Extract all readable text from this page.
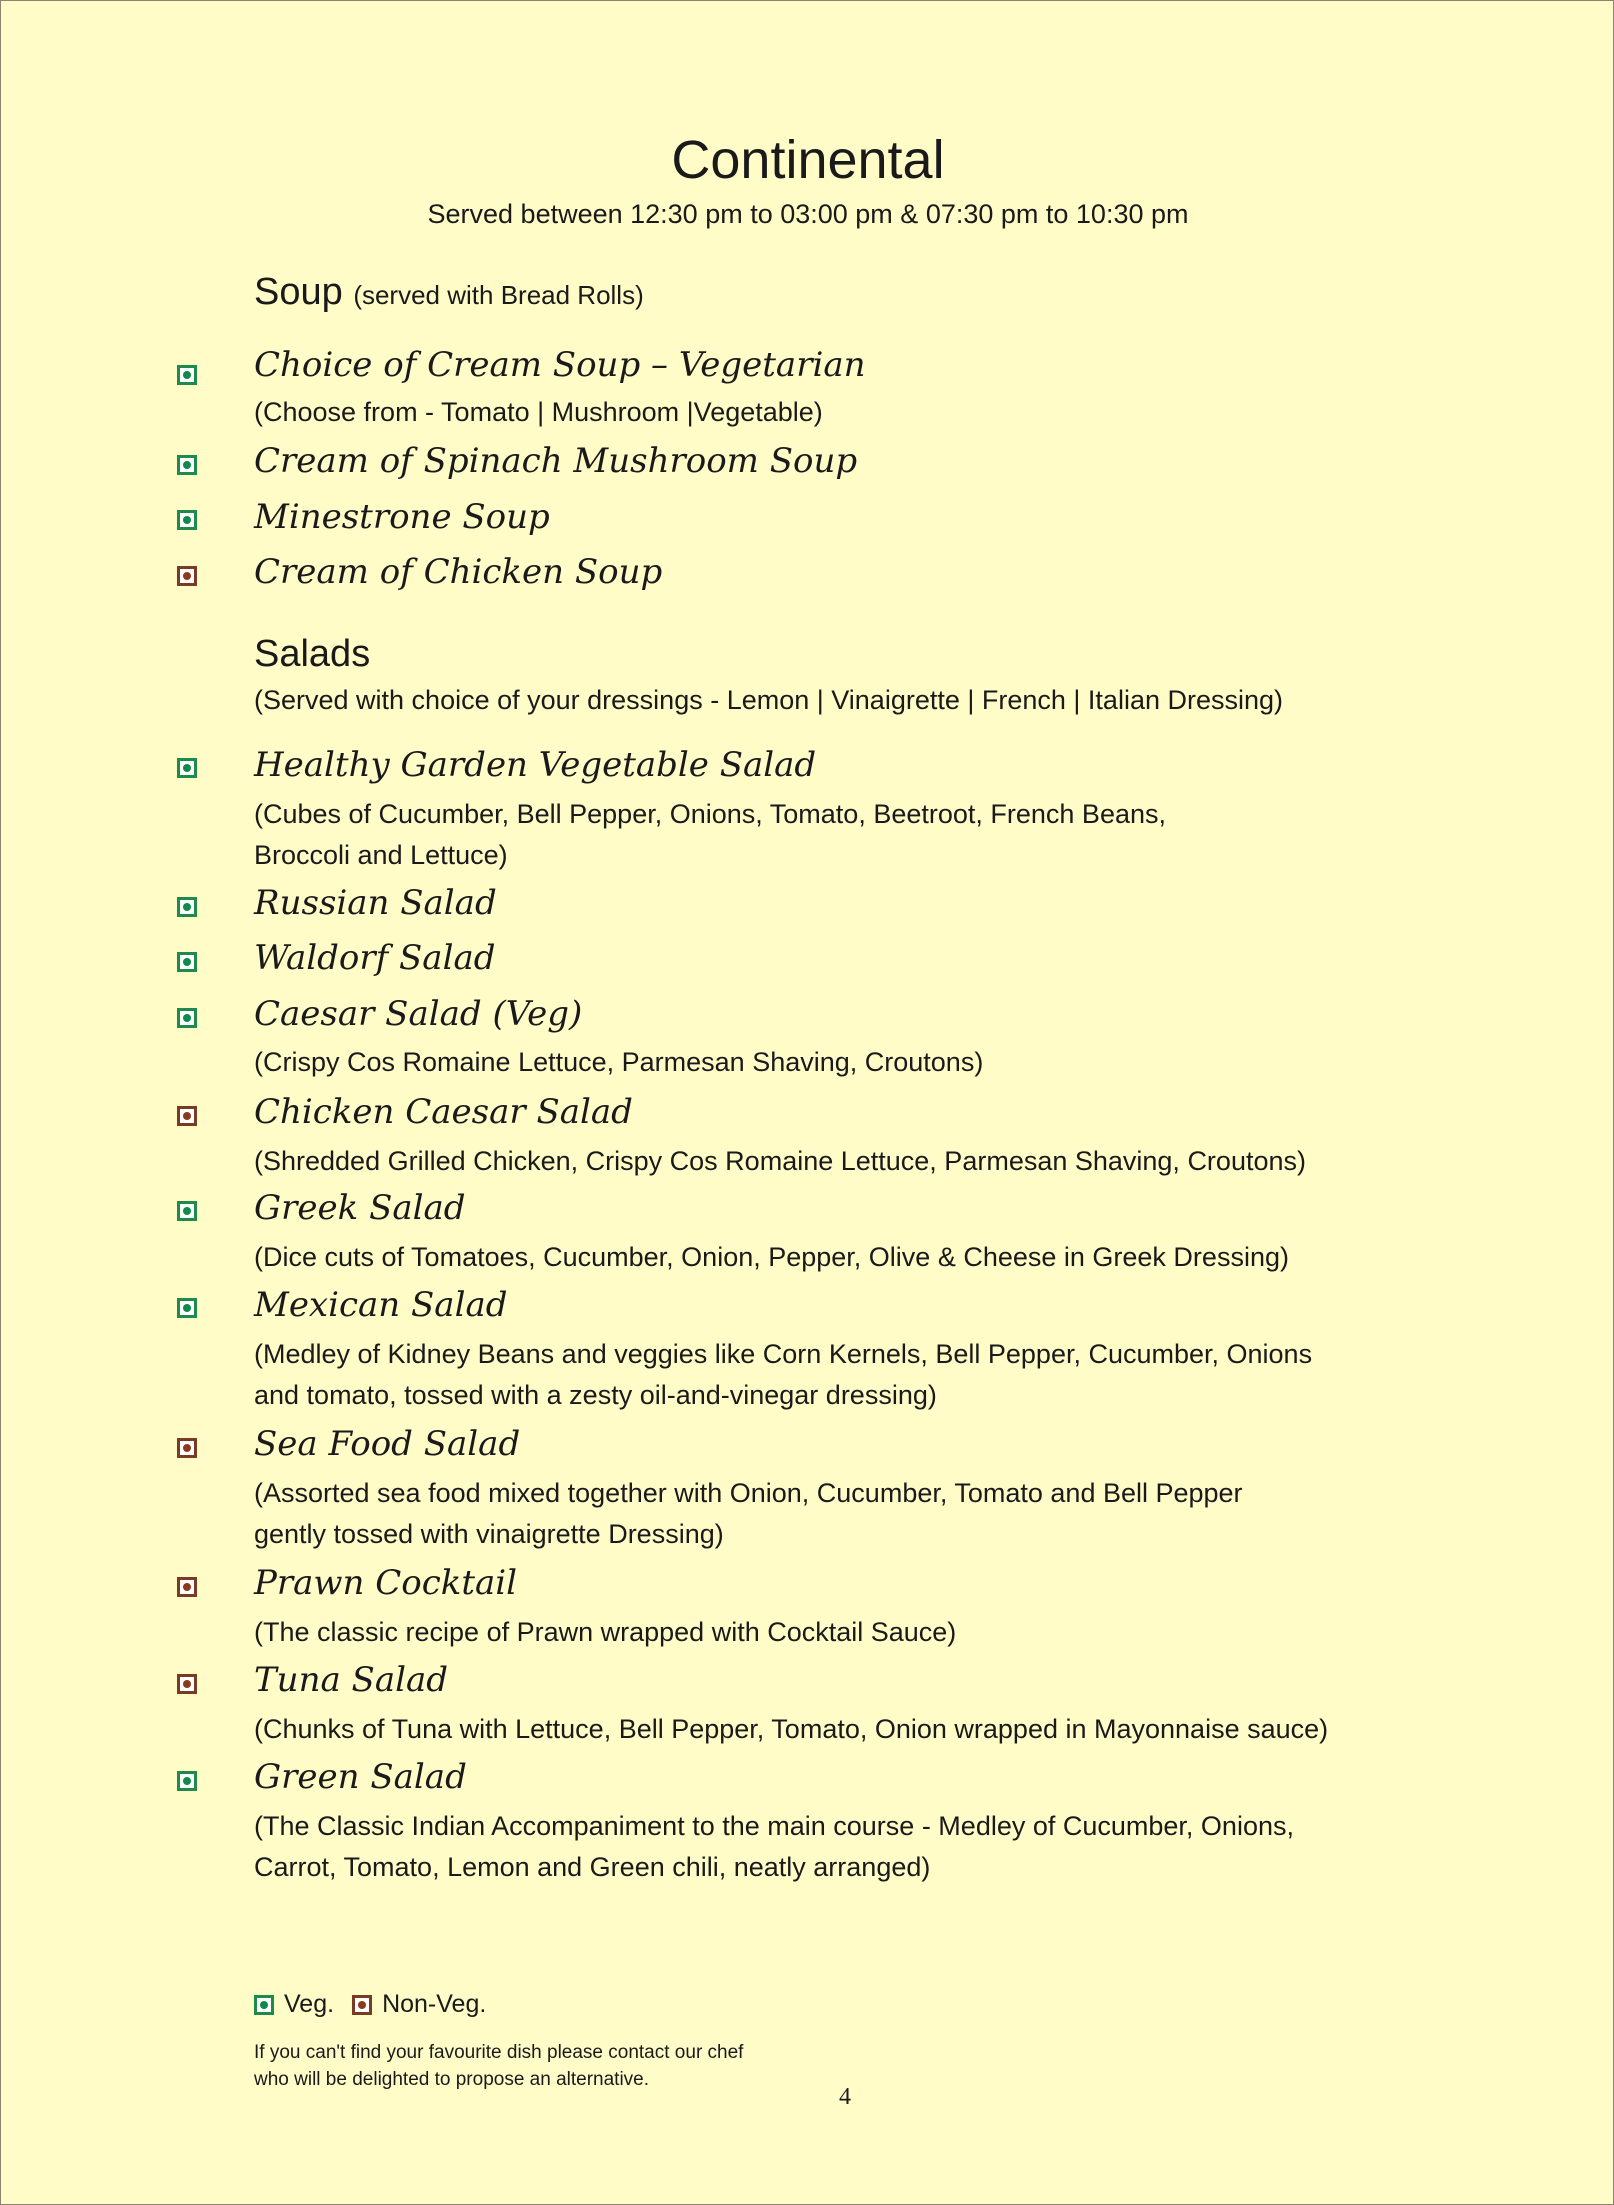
Continental
Served between 12:30 pm to 03:00 pm & 07:30 pm to 10:30 pm
Soup (served with Bread Rolls)
Choice of Cream Soup – Vegetarian
(Choose from - Tomato | Mushroom |Vegetable)
Cream of Spinach Mushroom Soup
Minestrone Soup
Cream of Chicken Soup
Salads
(Served with choice of your dressings - Lemon | Vinaigrette | French | Italian Dressing)
Healthy Garden Vegetable Salad
(Cubes of Cucumber, Bell Pepper, Onions, Tomato, Beetroot, French Beans,
Broccoli and Lettuce)
Russian Salad
Waldorf Salad
Caesar Salad (Veg)
(Crispy Cos Romaine Lettuce, Parmesan Shaving, Croutons)
Chicken Caesar Salad
(Shredded Grilled Chicken, Crispy Cos Romaine Lettuce, Parmesan Shaving, Croutons)
Greek Salad
(Dice cuts of Tomatoes, Cucumber, Onion, Pepper, Olive & Cheese in Greek Dressing)
Mexican Salad
(Medley of Kidney Beans and veggies like Corn Kernels, Bell Pepper, Cucumber, Onions
and tomato, tossed with a zesty oil-and-vinegar dressing)
Sea Food Salad
(Assorted sea food mixed together with Onion, Cucumber, Tomato and Bell Pepper
gently tossed with vinaigrette Dressing)
Prawn Cocktail
(The classic recipe of Prawn wrapped with Cocktail Sauce)
Tuna Salad
(Chunks of Tuna with Lettuce, Bell Pepper, Tomato, Onion wrapped in Mayonnaise sauce)
Green Salad
(The Classic Indian Accompaniment to the main course - Medley of Cucumber, Onions,
Carrot, Tomato, Lemon and Green chili, neatly arranged)
Veg. Non-Veg.
If you can't find your favourite dish please contact our chef
who will be delighted to propose an alternative.
4
